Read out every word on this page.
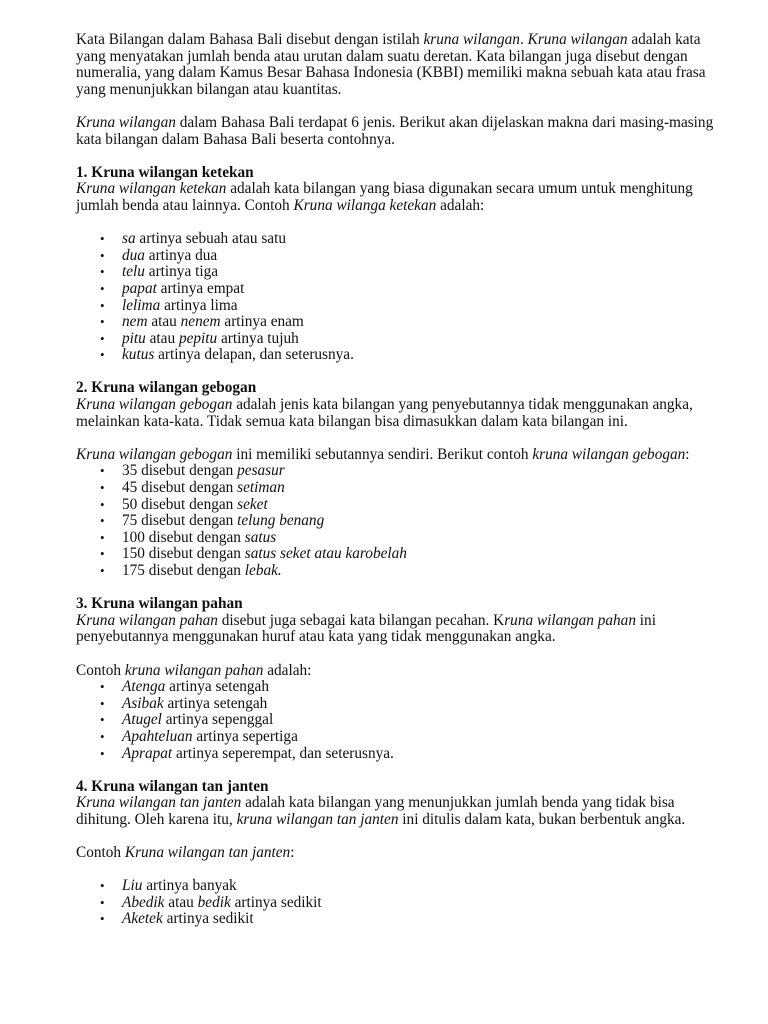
Kata Bilangan dalam Bahasa Bali disebut dengan istilah kruna wilangan. Kruna wilangan adalah kata yang menyatakan jumlah benda atau urutan dalam suatu deretan. Kata bilangan juga disebut dengan numeralia, yang dalam Kamus Besar Bahasa Indonesia (KBBI) memiliki makna sebuah kata atau frasa yang menunjukkan bilangan atau kuantitas.

Kruna wilangan dalam Bahasa Bali terdapat 6 jenis. Berikut akan dijelaskan makna dari masing-masing kata bilangan dalam Bahasa Bali beserta contohnya.

1. Kruna wilangan ketekan

Kruna wilangan ketekan adalah kata bilangan yang biasa digunakan secara umum untuk menghitung jumlah benda atau lainnya. Contoh Kruna wilanga ketekan adalah:

• sa artinya sebuah atau satu
• dua artinya dua
• telu artinya tiga
• papat artinya empat
• lelima artinya lima
• nem atau nenem artinya enam
• pitu atau pepitu artinya tujuh
• kutus artinya delapan, dan seterusnya.

2. Kruna wilangan gebogan

Kruna wilangan gebogan adalah jenis kata bilangan yang penyebutannya tidak menggunakan angka, melainkan kata-kata. Tidak semua kata bilangan bisa dimasukkan dalam kata bilangan ini.

Kruna wilangan gebogan ini memiliki sebutannya sendiri. Berikut contoh kruna wilangan gebogan:

• 35 disebut dengan pesasur
• 45 disebut dengan setiman
• 50 disebut dengan seket
• 75 disebut dengan telung benang
• 100 disebut dengan satus
• 150 disebut dengan satus seket atau karobelah
• 175 disebut dengan lebak.

3. Kruna wilangan pahan

Kruna wilangan pahan disebut juga sebagai kata bilangan pecahan. Kruna wilangan pahan ini penyebutannya menggunakan huruf atau kata yang tidak menggunakan angka.

Contoh kruna wilangan pahan adalah:

• Atenga artinya setengah
• Asibak artinya setengah
• Atugel artinya sepenggal
• Apahteluan artinya sepertiga
• Aprapat artinya seperempat, dan seterusnya.

4. Kruna wilangan tan janten

Kruna wilangan tan janten adalah kata bilangan yang menunjukkan jumlah benda yang tidak bisa dihitung. Oleh karena itu, kruna wilangan tan janten ini ditulis dalam kata, bukan berbentuk angka.

Contoh Kruna wilangan tan janten:

• Liu artinya banyak
• Abedik atau bedik artinya sedikit
• Aketek artinya sedikit
